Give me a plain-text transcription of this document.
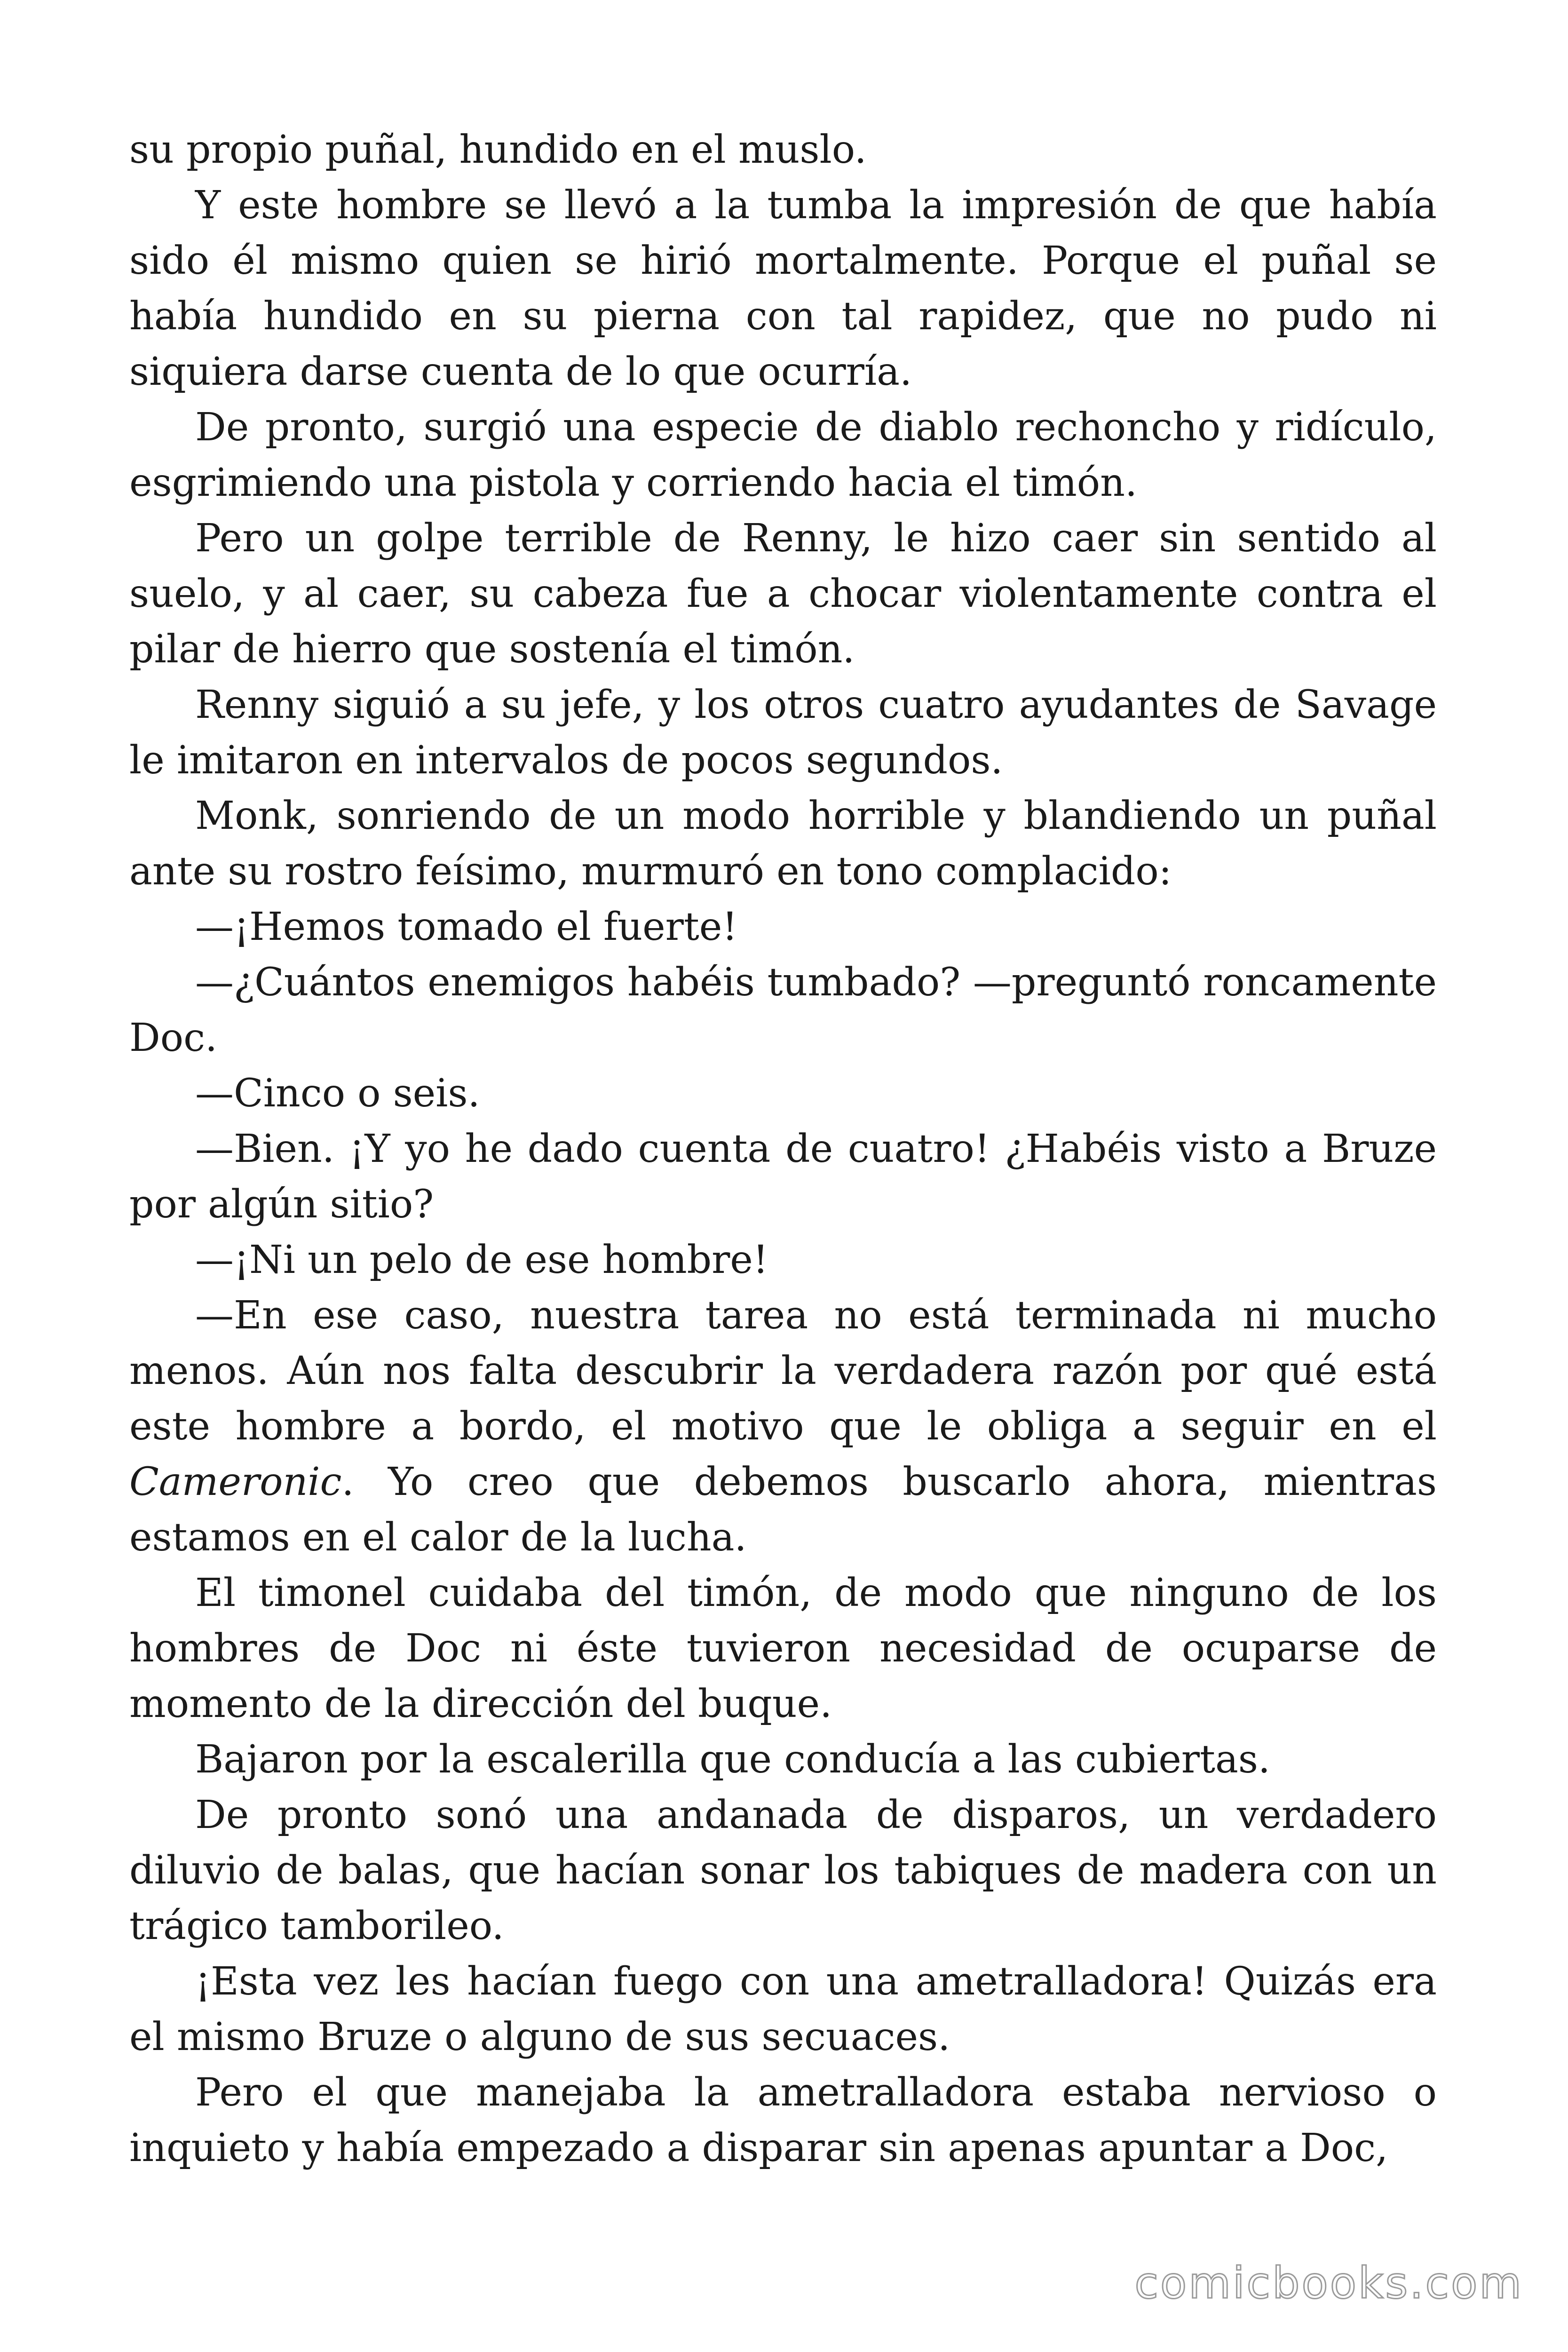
su propio puñal, hundido en el muslo.

Y este hombre se llevó a la tumba la impresión de que había sido él mismo quien se hirió mortalmente. Porque el puñal se había hundido en su pierna con tal rapidez, que no pudo ni siquiera darse cuenta de lo que ocurría.

De pronto, surgió una especie de diablo rechoncho y ridículo, esgrimiendo una pistola y corriendo hacia el timón.

Pero un golpe terrible de Renny, le hizo caer sin sentido al suelo, y al caer, su cabeza fue a chocar violentamente contra el pilar de hierro que sostenía el timón.

Renny siguió a su jefe, y los otros cuatro ayudantes de Savage le imitaron en intervalos de pocos segundos.

Monk, sonriendo de un modo horrible y blandiendo un puñal ante su rostro feísimo, murmuró en tono complacido:

—¡Hemos tomado el fuerte!

—¿Cuántos enemigos habéis tumbado? —preguntó roncamente Doc.

—Cinco o seis.

—Bien. ¡Y yo he dado cuenta de cuatro! ¿Habéis visto a Bruze por algún sitio?

—¡Ni un pelo de ese hombre!

—En ese caso, nuestra tarea no está terminada ni mucho menos. Aún nos falta descubrir la verdadera razón por qué está este hombre a bordo, el motivo que le obliga a seguir en el Cameronic. Yo creo que debemos buscarlo ahora, mientras estamos en el calor de la lucha.

El timonel cuidaba del timón, de modo que ninguno de los hombres de Doc ni éste tuvieron necesidad de ocuparse de momento de la dirección del buque.

Bajaron por la escalerilla que conducía a las cubiertas.

De pronto sonó una andanada de disparos, un verdadero diluvio de balas, que hacían sonar los tabiques de madera con un trágico tamborileo.

¡Esta vez les hacían fuego con una ametralladora! Quizás era el mismo Bruze o alguno de sus secuaces.

Pero el que manejaba la ametralladora estaba nervioso o inquieto y había empezado a disparar sin apenas apuntar a Doc,

comicbooks.com
